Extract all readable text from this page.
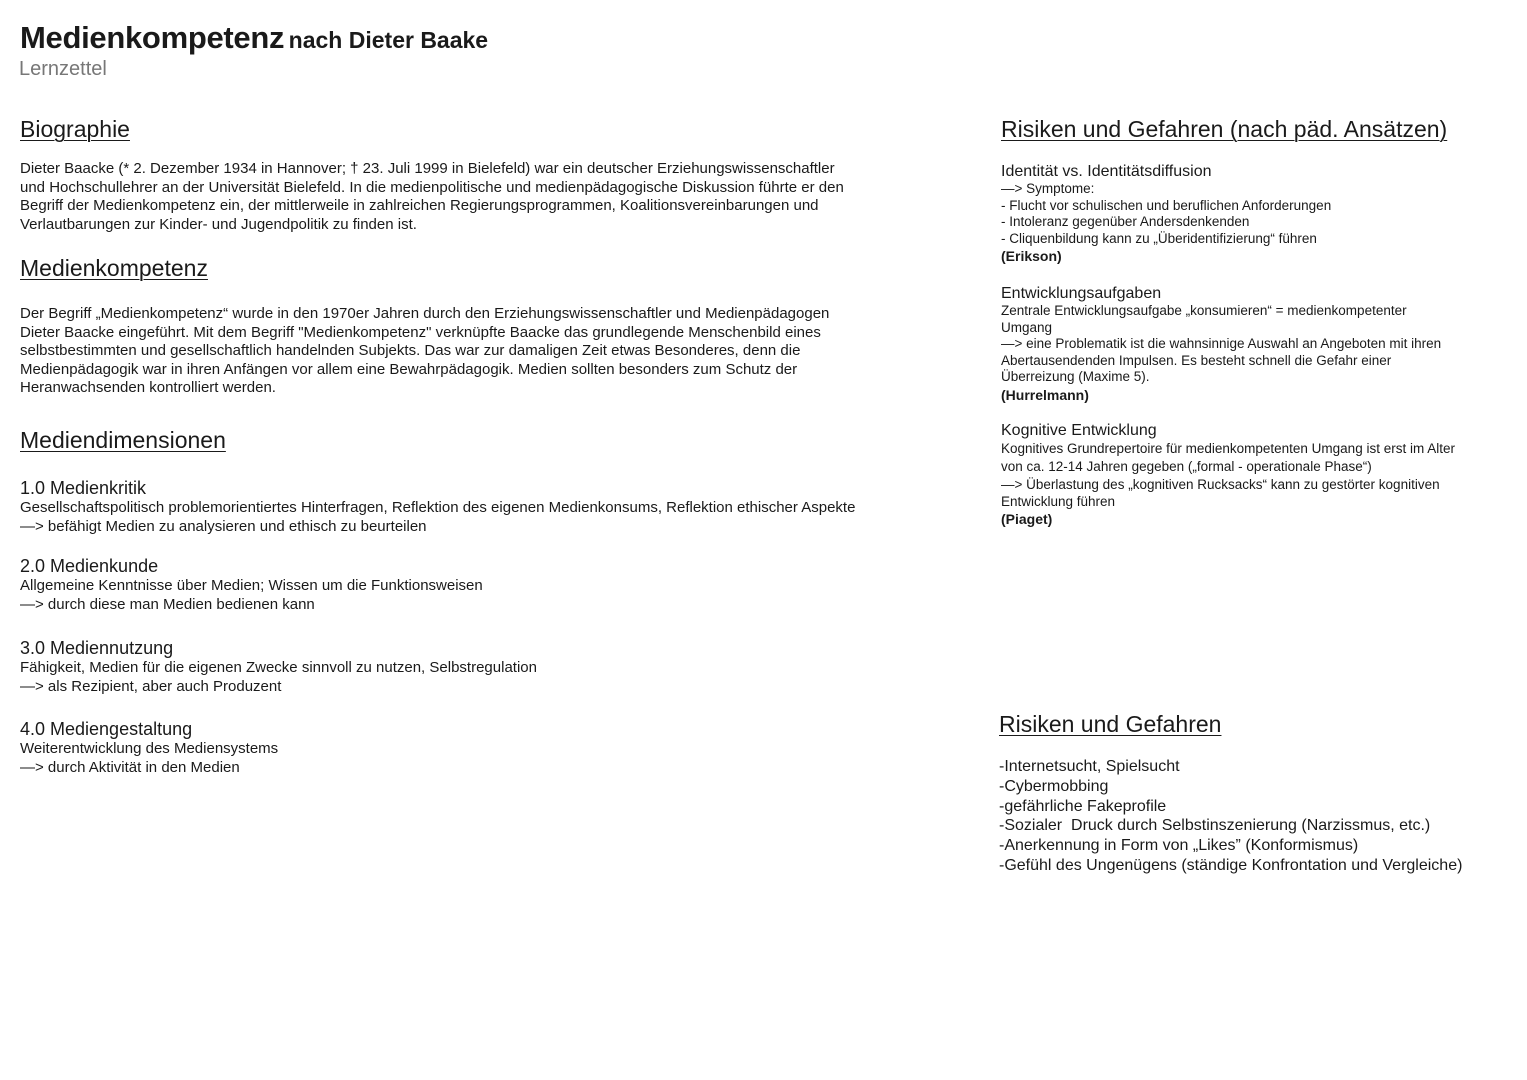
Medienkompetenz nach Dieter Baake
Lernzettel
Biographie

Dieter Baacke (* 2. Dezember 1934 in Hannover; † 23. Juli 1999 in Bielefeld) war ein deutscher Erziehungswissenschaftler
und Hochschullehrer an der Universität Bielefeld. In die medienpolitische und medienpädagogische Diskussion führte er den
Begriff der Medienkompetenz ein, der mittlerweile in zahlreichen Regierungsprogrammen, Koalitionsvereinbarungen und
Verlautbarungen zur Kinder- und Jugendpolitik zu finden ist.

Medienkompetenz

Der Begriff „Medienkompetenz“ wurde in den 1970er Jahren durch den Erziehungswissenschaftler und Medienpädagogen
Dieter Baacke eingeführt. Mit dem Begriff "Medienkompetenz" verknüpfte Baacke das grundlegende Menschenbild eines
selbstbestimmten und gesellschaftlich handelnden Subjekts. Das war zur damaligen Zeit etwas Besonderes, denn die
Medienpädagogik war in ihren Anfängen vor allem eine Bewahrpädagogik. Medien sollten besonders zum Schutz der
Heranwachsenden kontrolliert werden.

Mediendimensionen
1.0 Medienkritik
Gesellschaftspolitisch problemorientiertes Hinterfragen, Reflektion des eigenen Medienkonsums, Reflektion ethischer Aspekte
—> befähigt Medien zu analysieren und ethisch zu beurteilen
2.0 Medienkunde
Allgemeine Kenntnisse über Medien; Wissen um die Funktionsweisen
—> durch diese man Medien bedienen kann
3.0 Mediennutzung
Fähigkeit, Medien für die eigenen Zwecke sinnvoll zu nutzen, Selbstregulation
—> als Rezipient, aber auch Produzent
4.0 Mediengestaltung
Weiterentwicklung des Mediensystems
—> durch Aktivität in den Medien
Risiken und Gefahren (nach päd. Ansätzen)
Identität vs. Identitätsdiffusion
—> Symptome:
- Flucht vor schulischen und beruflichen Anforderungen
- Intoleranz gegenüber Andersdenkenden
- Cliquenbildung kann zu „Überidentifizierung“ führen
(Erikson)
Entwicklungsaufgaben
Zentrale Entwicklungsaufgabe „konsumieren“ = medienkompetenter
Umgang
—> eine Problematik ist die wahnsinnige Auswahl an Angeboten mit ihren
Abertausendenden Impulsen. Es besteht schnell die Gefahr einer
Überreizung (Maxime 5).
(Hurrelmann)
Kognitive Entwicklung
Kognitives Grundrepertoire für medienkompetenten Umgang ist erst im Alter
von ca. 12-14 Jahren gegeben („formal - operationale Phase“)
—> Überlastung des „kognitiven Rucksacks“ kann zu gestörter kognitiven
Entwicklung führen
(Piaget)
Risiken und Gefahren
-Internetsucht, Spielsucht
-Cybermobbing
-gefährliche Fakeprofile
-Sozialer  Druck durch Selbstinszenierung (Narzissmus, etc.)
-Anerkennung in Form von „Likes” (Konformismus)
-Gefühl des Ungenügens (ständige Konfrontation und Vergleiche)
